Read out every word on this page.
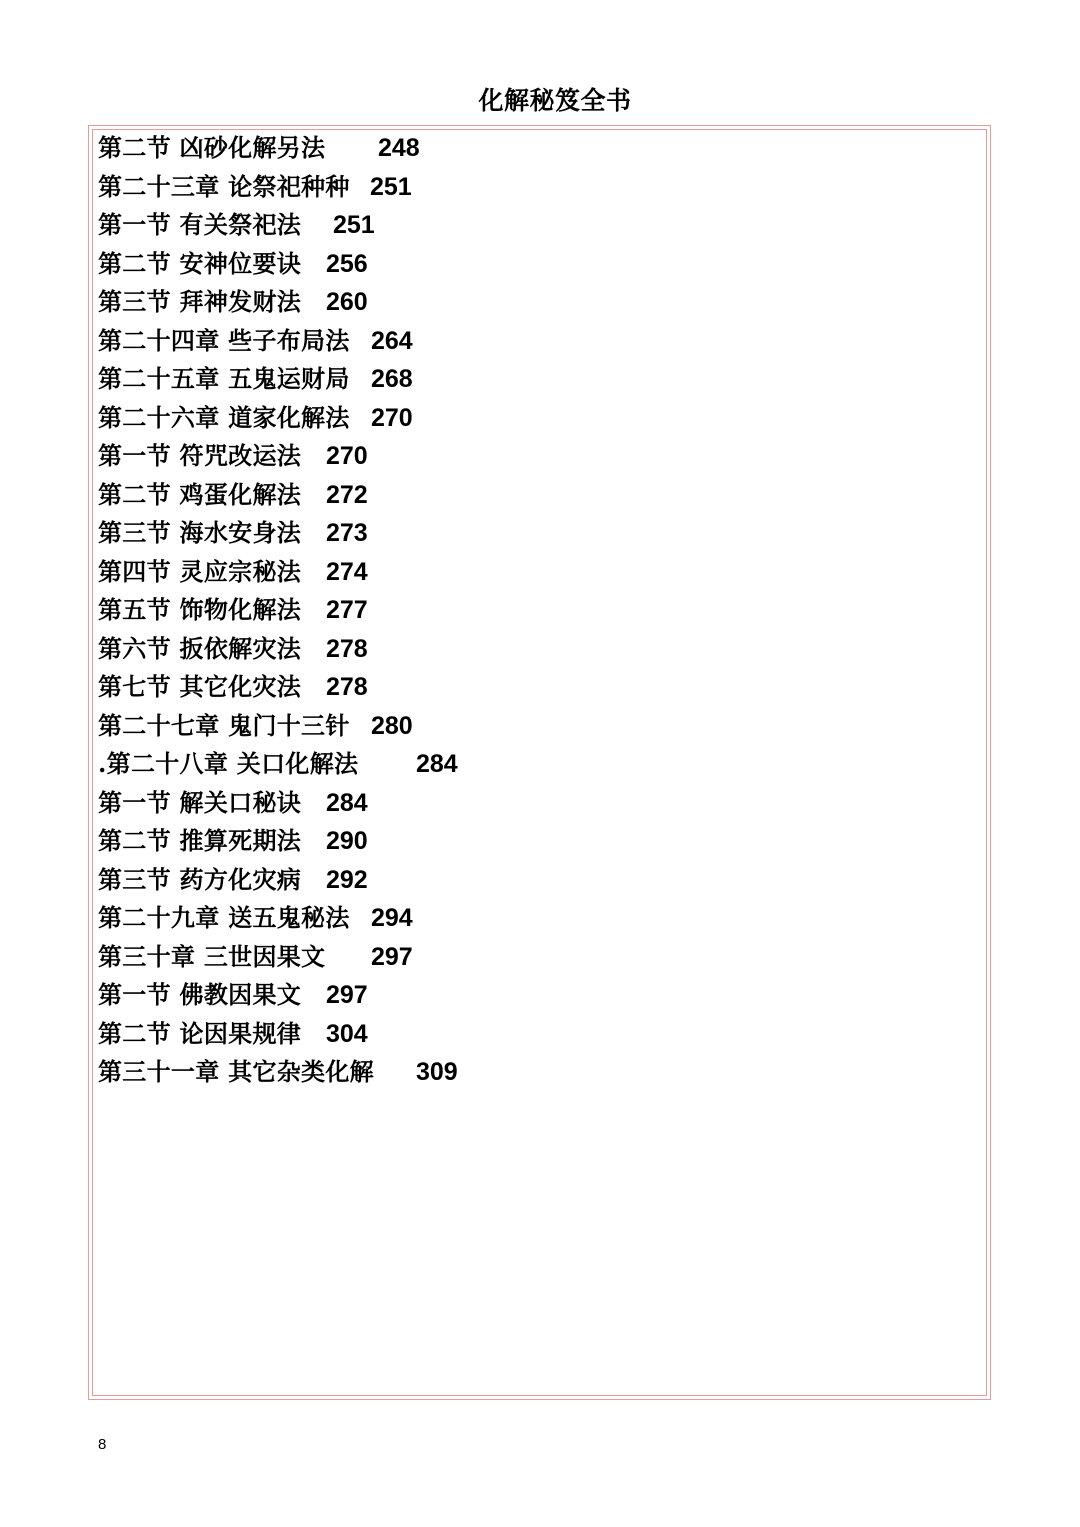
化解秘笈全书
第二节 凶砂化解另法 248
第二十三章 论祭祀种种 251
第一节 有关祭祀法 251
第二节 安神位要诀 256
第三节 拜神发财法 260
第二十四章 些子布局法 264
第二十五章 五鬼运财局 268
第二十六章 道家化解法 270
第一节 符咒改运法 270
第二节 鸡蛋化解法 272
第三节 海水安身法 273
第四节 灵应宗秘法 274
第五节 饰物化解法 277
第六节 扳依解灾法 278
第七节 其它化灾法 278
第二十七章 鬼门十三针 280
.第二十八章 关口化解法 284
第一节 解关口秘诀 284
第二节 推算死期法 290
第三节 药方化灾病 292
第二十九章 送五鬼秘法 294
第三十章 三世因果文 297
第一节 佛教因果文 297
第二节 论因果规律 304
第三十一章 其它杂类化解 309
8
